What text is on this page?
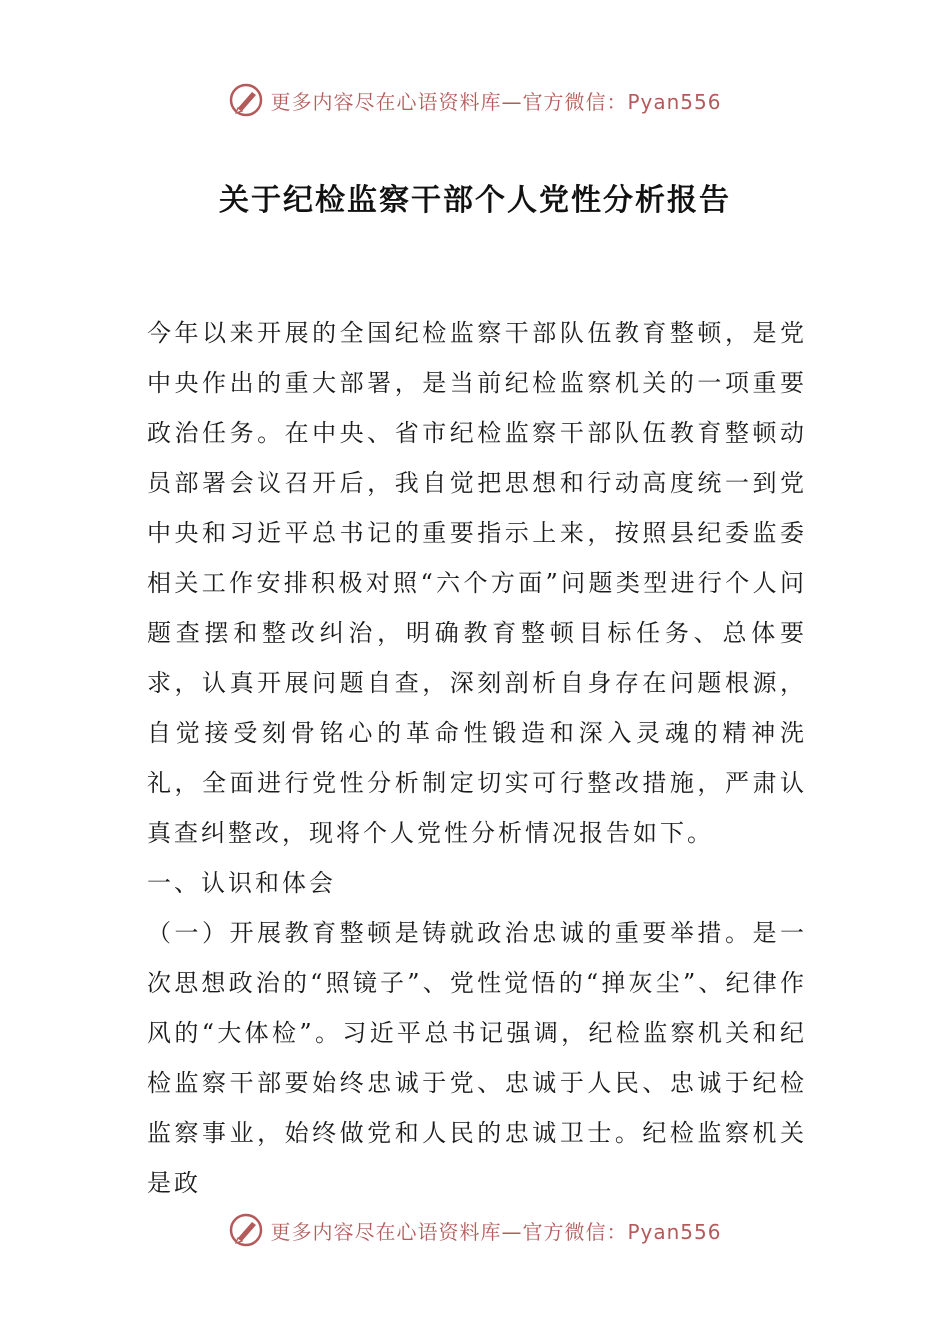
更多内容尽在心语资料库—官方微信：Pyan556
关于纪检监察干部个人党性分析报告

今年以来开展的全国纪检监察干部队伍教育整顿，是党中央作出的重大部署，是当前纪检监察机关的一项重要政治任务。在中央、省市纪检监察干部队伍教育整顿动员部署会议召开后，我自觉把思想和行动高度统一到党中央和习近平总书记的重要指示上来，按照县纪委监委相关工作安排积极对照“六个方面”问题类型进行个人问题查摆和整改纠治，明确教育整顿目标任务、总体要求，认真开展问题自查，深刻剖析自身存在问题根源，自觉接受刻骨铭心的革命性锻造和深入灵魂的精神洗礼，全面进行党性分析制定切实可行整改措施，严肃认真查纠整改，现将个人党性分析情况报告如下。

一、认识和体会

（一）开展教育整顿是铸就政治忠诚的重要举措。是一次思想政治的“照镜子”、党性觉悟的“掸灰尘”、纪律作风的“大体检”。习近平总书记强调，纪检监察机关和纪检监察干部要始终忠诚于党、忠诚于人民、忠诚于纪检监察事业，始终做党和人民的忠诚卫士。纪检监察机关是政

更多内容尽在心语资料库—官方微信：Pyan556
